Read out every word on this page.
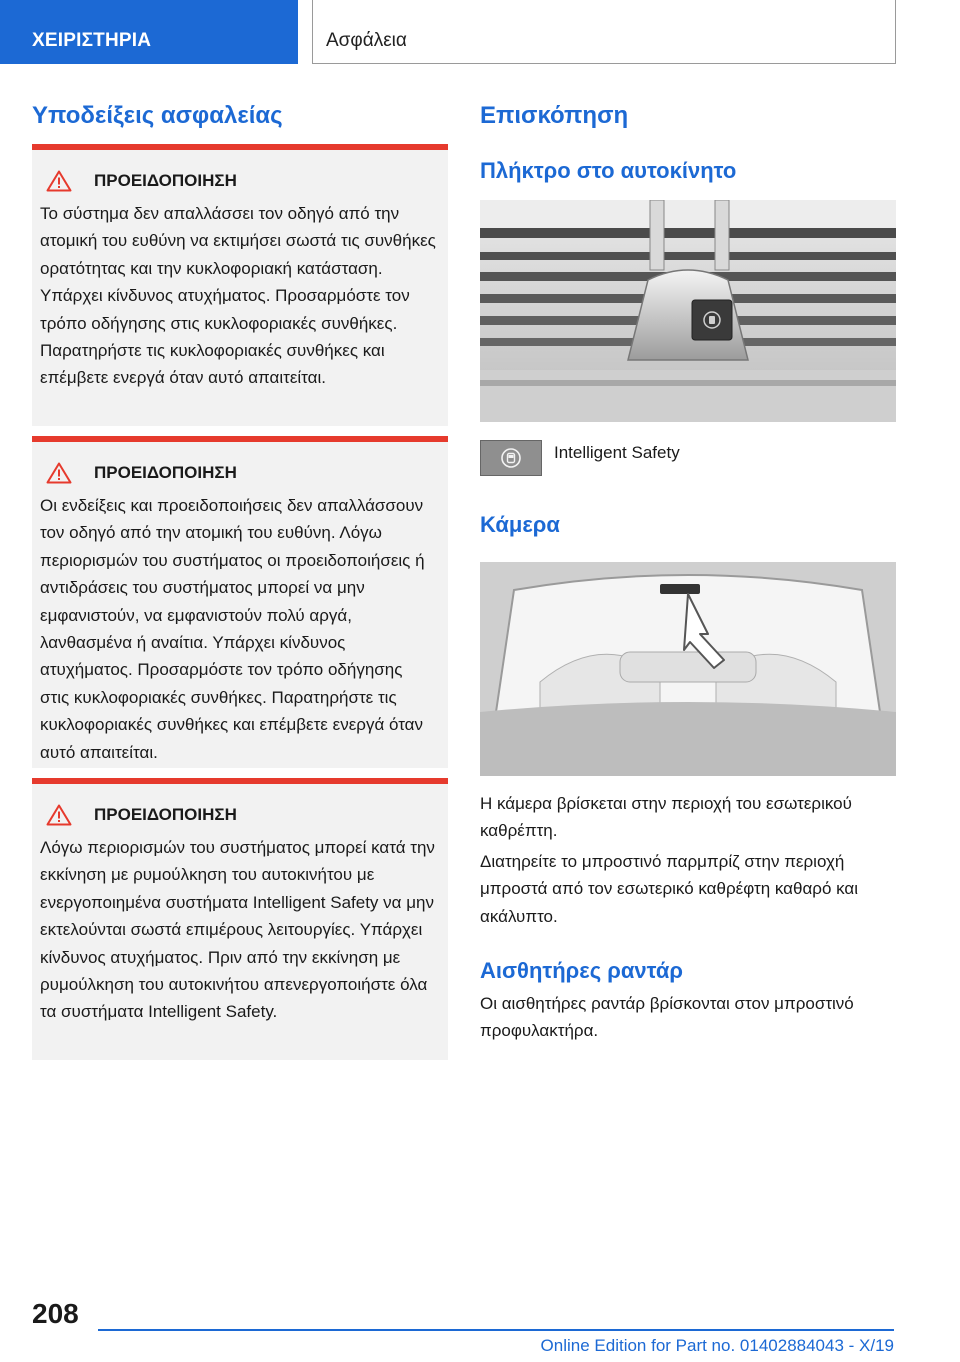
ΧΕΙΡΙΣΤΗΡΙΑ	Ασφάλεια
Υποδείξεις ασφαλείας
ΠΡΟΕΙΔΟΠΟΙΗΣΗ

Το σύστημα δεν απαλλάσσει τον οδηγό από την ατομική του ευθύνη να εκτιμήσει σωστά τις συνθήκες ορατότητας και την κυκλοφοριακή κατάσταση. Υπάρχει κίνδυνος ατυχήματος. Προσαρμόστε τον τρόπο οδήγησης στις κυκλοφοριακές συνθήκες. Παρατηρήστε τις κυκλοφοριακές συνθήκες και επέμβετε ενεργά όταν αυτό απαιτείται.

ΠΡΟΕΙΔΟΠΟΙΗΣΗ

Οι ενδείξεις και προειδοποιήσεις δεν απαλλάσσουν τον οδηγό από την ατομική του ευθύνη. Λόγω περιορισμών του συστήματος οι προειδοποιήσεις ή αντιδράσεις του συστήματος μπορεί να μην εμφανιστούν, να εμφανιστούν πολύ αργά, λανθασμένα ή αναίτια. Υπάρχει κίνδυνος ατυχήματος. Προσαρμόστε τον τρόπο οδήγησης στις κυκλοφοριακές συνθήκες. Παρατηρήστε τις κυκλοφοριακές συνθήκες και επέμβετε ενεργά όταν αυτό απαιτείται.

ΠΡΟΕΙΔΟΠΟΙΗΣΗ

Λόγω περιορισμών του συστήματος μπορεί κατά την εκκίνηση με ρυμούλκηση του αυτοκινήτου με ενεργοποιημένα συστήματα Intelligent Safety να μην εκτελούνται σωστά επιμέρους λειτουργίες. Υπάρχει κίνδυνος ατυχήματος. Πριν από την εκκίνηση με ρυμούλκηση του αυτοκινήτου απενεργοποιήστε όλα τα συστήματα Intelligent Safety.

Επισκόπηση
Πλήκτρο στο αυτοκίνητο
Intelligent Safety
Κάμερα
Η κάμερα βρίσκεται στην περιοχή του εσωτερικού καθρέπτη.
Διατηρείτε το μπροστινό παρμπρίζ στην περιοχή μπροστά από τον εσωτερικό καθρέφτη καθαρό και ακάλυπτο.
Αισθητήρες ραντάρ
Οι αισθητήρες ραντάρ βρίσκονται στον μπροστινό προφυλακτήρα.
208
Online Edition for Part no. 01402884043 - X/19
